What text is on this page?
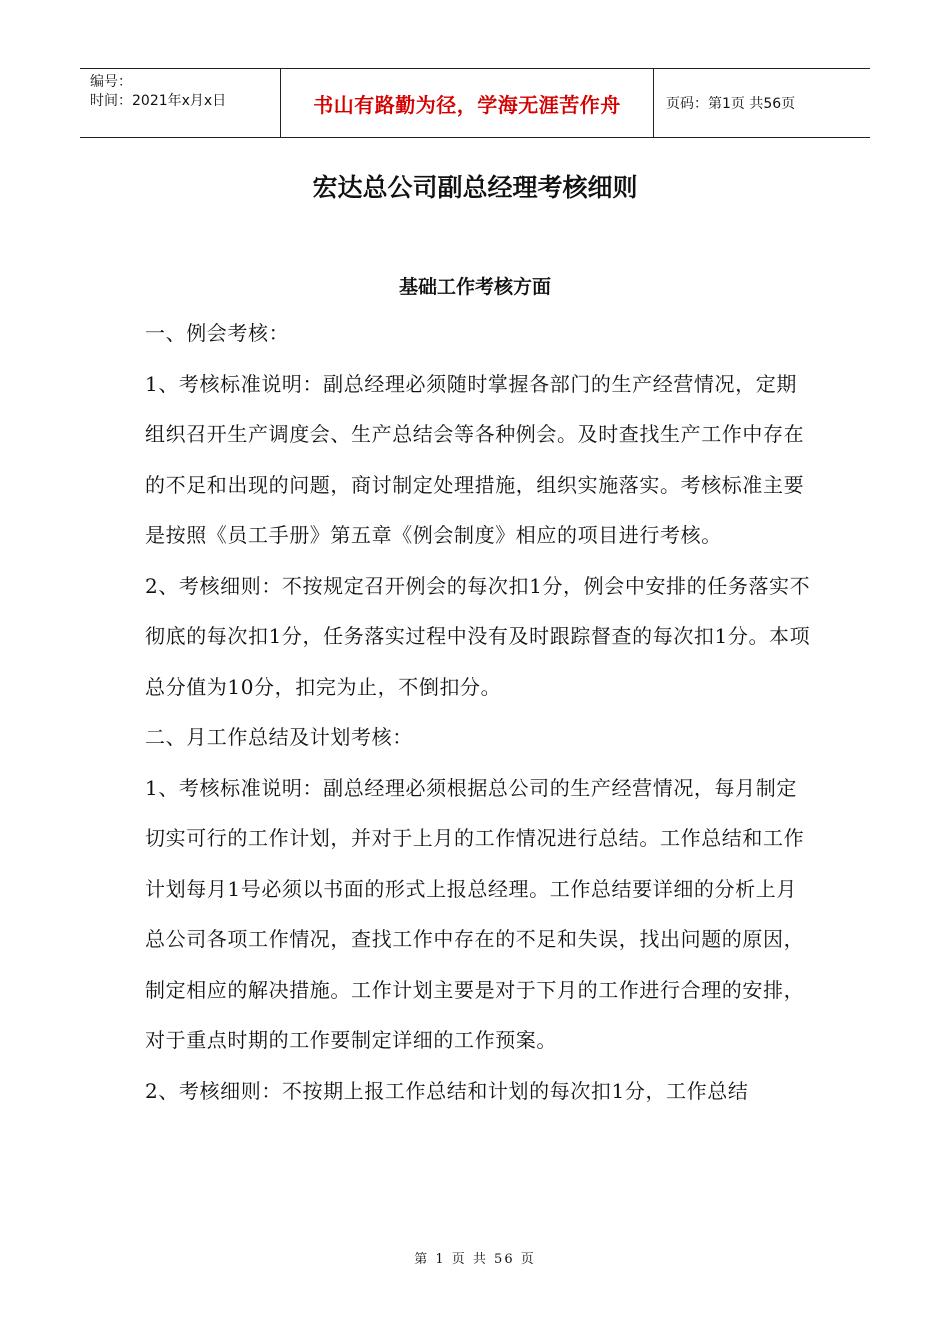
编号：
时间：2021年x月x日	书山有路勤为径，学海无涯苦作舟	页码：第1页 共56页
宏达总公司副总经理考核细则
基础工作考核方面

一、例会考核：

1、考核标准说明：副总经理必须随时掌握各部门的生产经营情况，定期组织召开生产调度会、生产总结会等各种例会。及时查找生产工作中存在的不足和出现的问题，商讨制定处理措施，组织实施落实。考核标准主要是按照《员工手册》第五章《例会制度》相应的项目进行考核。

2、考核细则：不按规定召开例会的每次扣1分，例会中安排的任务落实不彻底的每次扣1分，任务落实过程中没有及时跟踪督查的每次扣1分。本项总分值为10分，扣完为止，不倒扣分。

二、月工作总结及计划考核：

1、考核标准说明：副总经理必须根据总公司的生产经营情况，每月制定切实可行的工作计划，并对于上月的工作情况进行总结。工作总结和工作计划每月1号必须以书面的形式上报总经理。工作总结要详细的分析上月总公司各项工作情况，查找工作中存在的不足和失误，找出问题的原因，制定相应的解决措施。工作计划主要是对于下月的工作进行合理的安排，对于重点时期的工作要制定详细的工作预案。

2、考核细则：不按期上报工作总结和计划的每次扣1分，工作总结

第 1 页 共 56 页
